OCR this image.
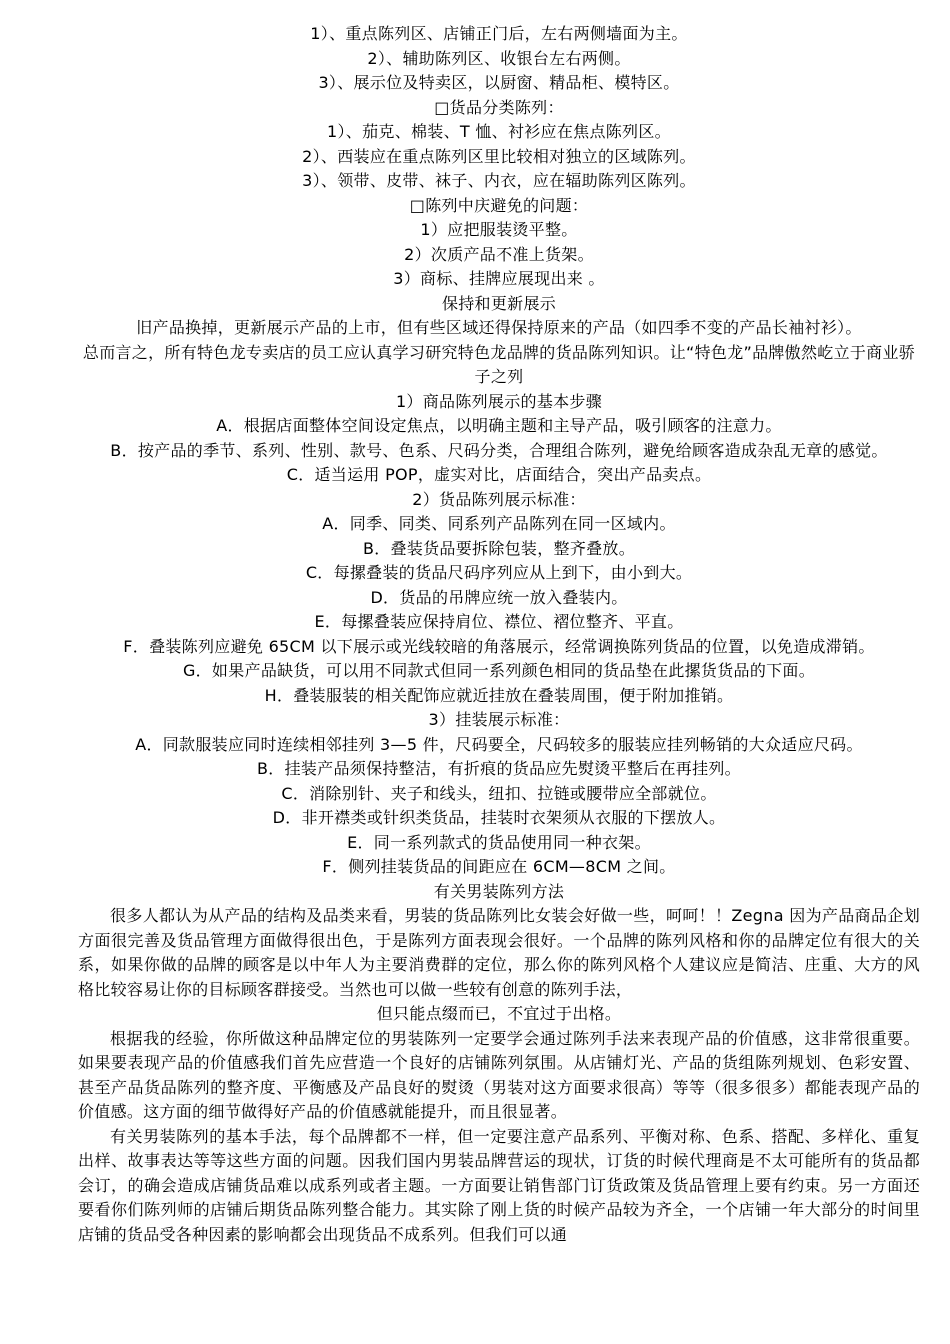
1）、重点陈列区、店铺正门后，左右两侧墙面为主。

2）、辅助陈列区、收银台左右两侧。

3）、展示位及特卖区，以厨窗、精品柜、模特区。

□货品分类陈列：

1）、茄克、棉装、T 恤、衬衫应在焦点陈列区。

2）、西装应在重点陈列区里比较相对独立的区域陈列。

3）、领带、皮带、袜子、内衣，应在辐助陈列区陈列。

□陈列中庆避免的问题：

1）应把服装烫平整。

2）次质产品不准上货架。

3）商标、挂牌应展现出来 。

保持和更新展示

旧产品换掉，更新展示产品的上市，但有些区域还得保持原来的产品（如四季不变的产品长袖衬衫）。

总而言之，所有特色龙专卖店的员工应认真学习研究特色龙品牌的货品陈列知识。让“特色龙”品牌傲然屹立于商业骄子之列

1）商品陈列展示的基本步骤

A．根据店面整体空间设定焦点，以明确主题和主导产品，吸引顾客的注意力。

B．按产品的季节、系列、性别、款号、色系、尺码分类，合理组合陈列，避免给顾客造成杂乱无章的感觉。

C．适当运用 POP，虚实对比，店面结合，突出产品卖点。

2）货品陈列展示标准：

A．同季、同类、同系列产品陈列在同一区域内。

B．叠装货品要拆除包装，整齐叠放。

C．每摞叠装的货品尺码序列应从上到下，由小到大。

D．货品的吊牌应统一放入叠装内。

E．每摞叠装应保持肩位、襟位、褶位整齐、平直。

F．叠装陈列应避免 65CM 以下展示或光线较暗的角落展示，经常调换陈列货品的位置，以免造成滞销。

G．如果产品缺货，可以用不同款式但同一系列颜色相同的货品垫在此摞货货品的下面。

H．叠装服装的相关配饰应就近挂放在叠装周围，便于附加推销。

3）挂装展示标准：

A．同款服装应同时连续相邻挂列 3—5 件，尺码要全，尺码较多的服装应挂列畅销的大众适应尺码。

B．挂装产品须保持整洁，有折痕的货品应先熨烫平整后在再挂列。

C．消除别针、夹子和线头，纽扣、拉链或腰带应全部就位。

D．非开襟类或针织类货品，挂装时衣架须从衣服的下摆放人。

E．同一系列款式的货品使用同一种衣架。

F．侧列挂装货品的间距应在 6CM—8CM 之间。

有关男装陈列方法

很多人都认为从产品的结构及品类来看，男装的货品陈列比女装会好做一些，呵呵！！Zegna 因为产品商品企划方面很完善及货品管理方面做得很出色，于是陈列方面表现会很好。一个品牌的陈列风格和你的品牌定位有很大的关系，如果你做的品牌的顾客是以中年人为主要消费群的定位，那么你的陈列风格个人建议应是简洁、庄重、大方的风格比较容易让你的目标顾客群接受。当然也可以做一些较有创意的陈列手法，

但只能点缀而已，不宜过于出格。

根据我的经验，你所做这种品牌定位的男装陈列一定要学会通过陈列手法来表现产品的价值感，这非常很重要。如果要表现产品的价值感我们首先应营造一个良好的店铺陈列氛围。从店铺灯光、产品的货组陈列规划、色彩安置、甚至产品货品陈列的整齐度、平衡感及产品良好的熨烫（男装对这方面要求很高）等等（很多很多）都能表现产品的价值感。这方面的细节做得好产品的价值感就能提升，而且很显著。

有关男装陈列的基本手法，每个品牌都不一样，但一定要注意产品系列、平衡对称、色系、搭配、多样化、重复出样、故事表达等等这些方面的问题。因我们国内男装品牌营运的现状，订货的时候代理商是不太可能所有的货品都会订，的确会造成店铺货品难以成系列或者主题。一方面要让销售部门订货政策及货品管理上要有约束。另一方面还要看你们陈列师的店铺后期货品陈列整合能力。其实除了刚上货的时候产品较为齐全，一个店铺一年大部分的时间里店铺的货品受各种因素的影响都会出现货品不成系列。但我们可以通
